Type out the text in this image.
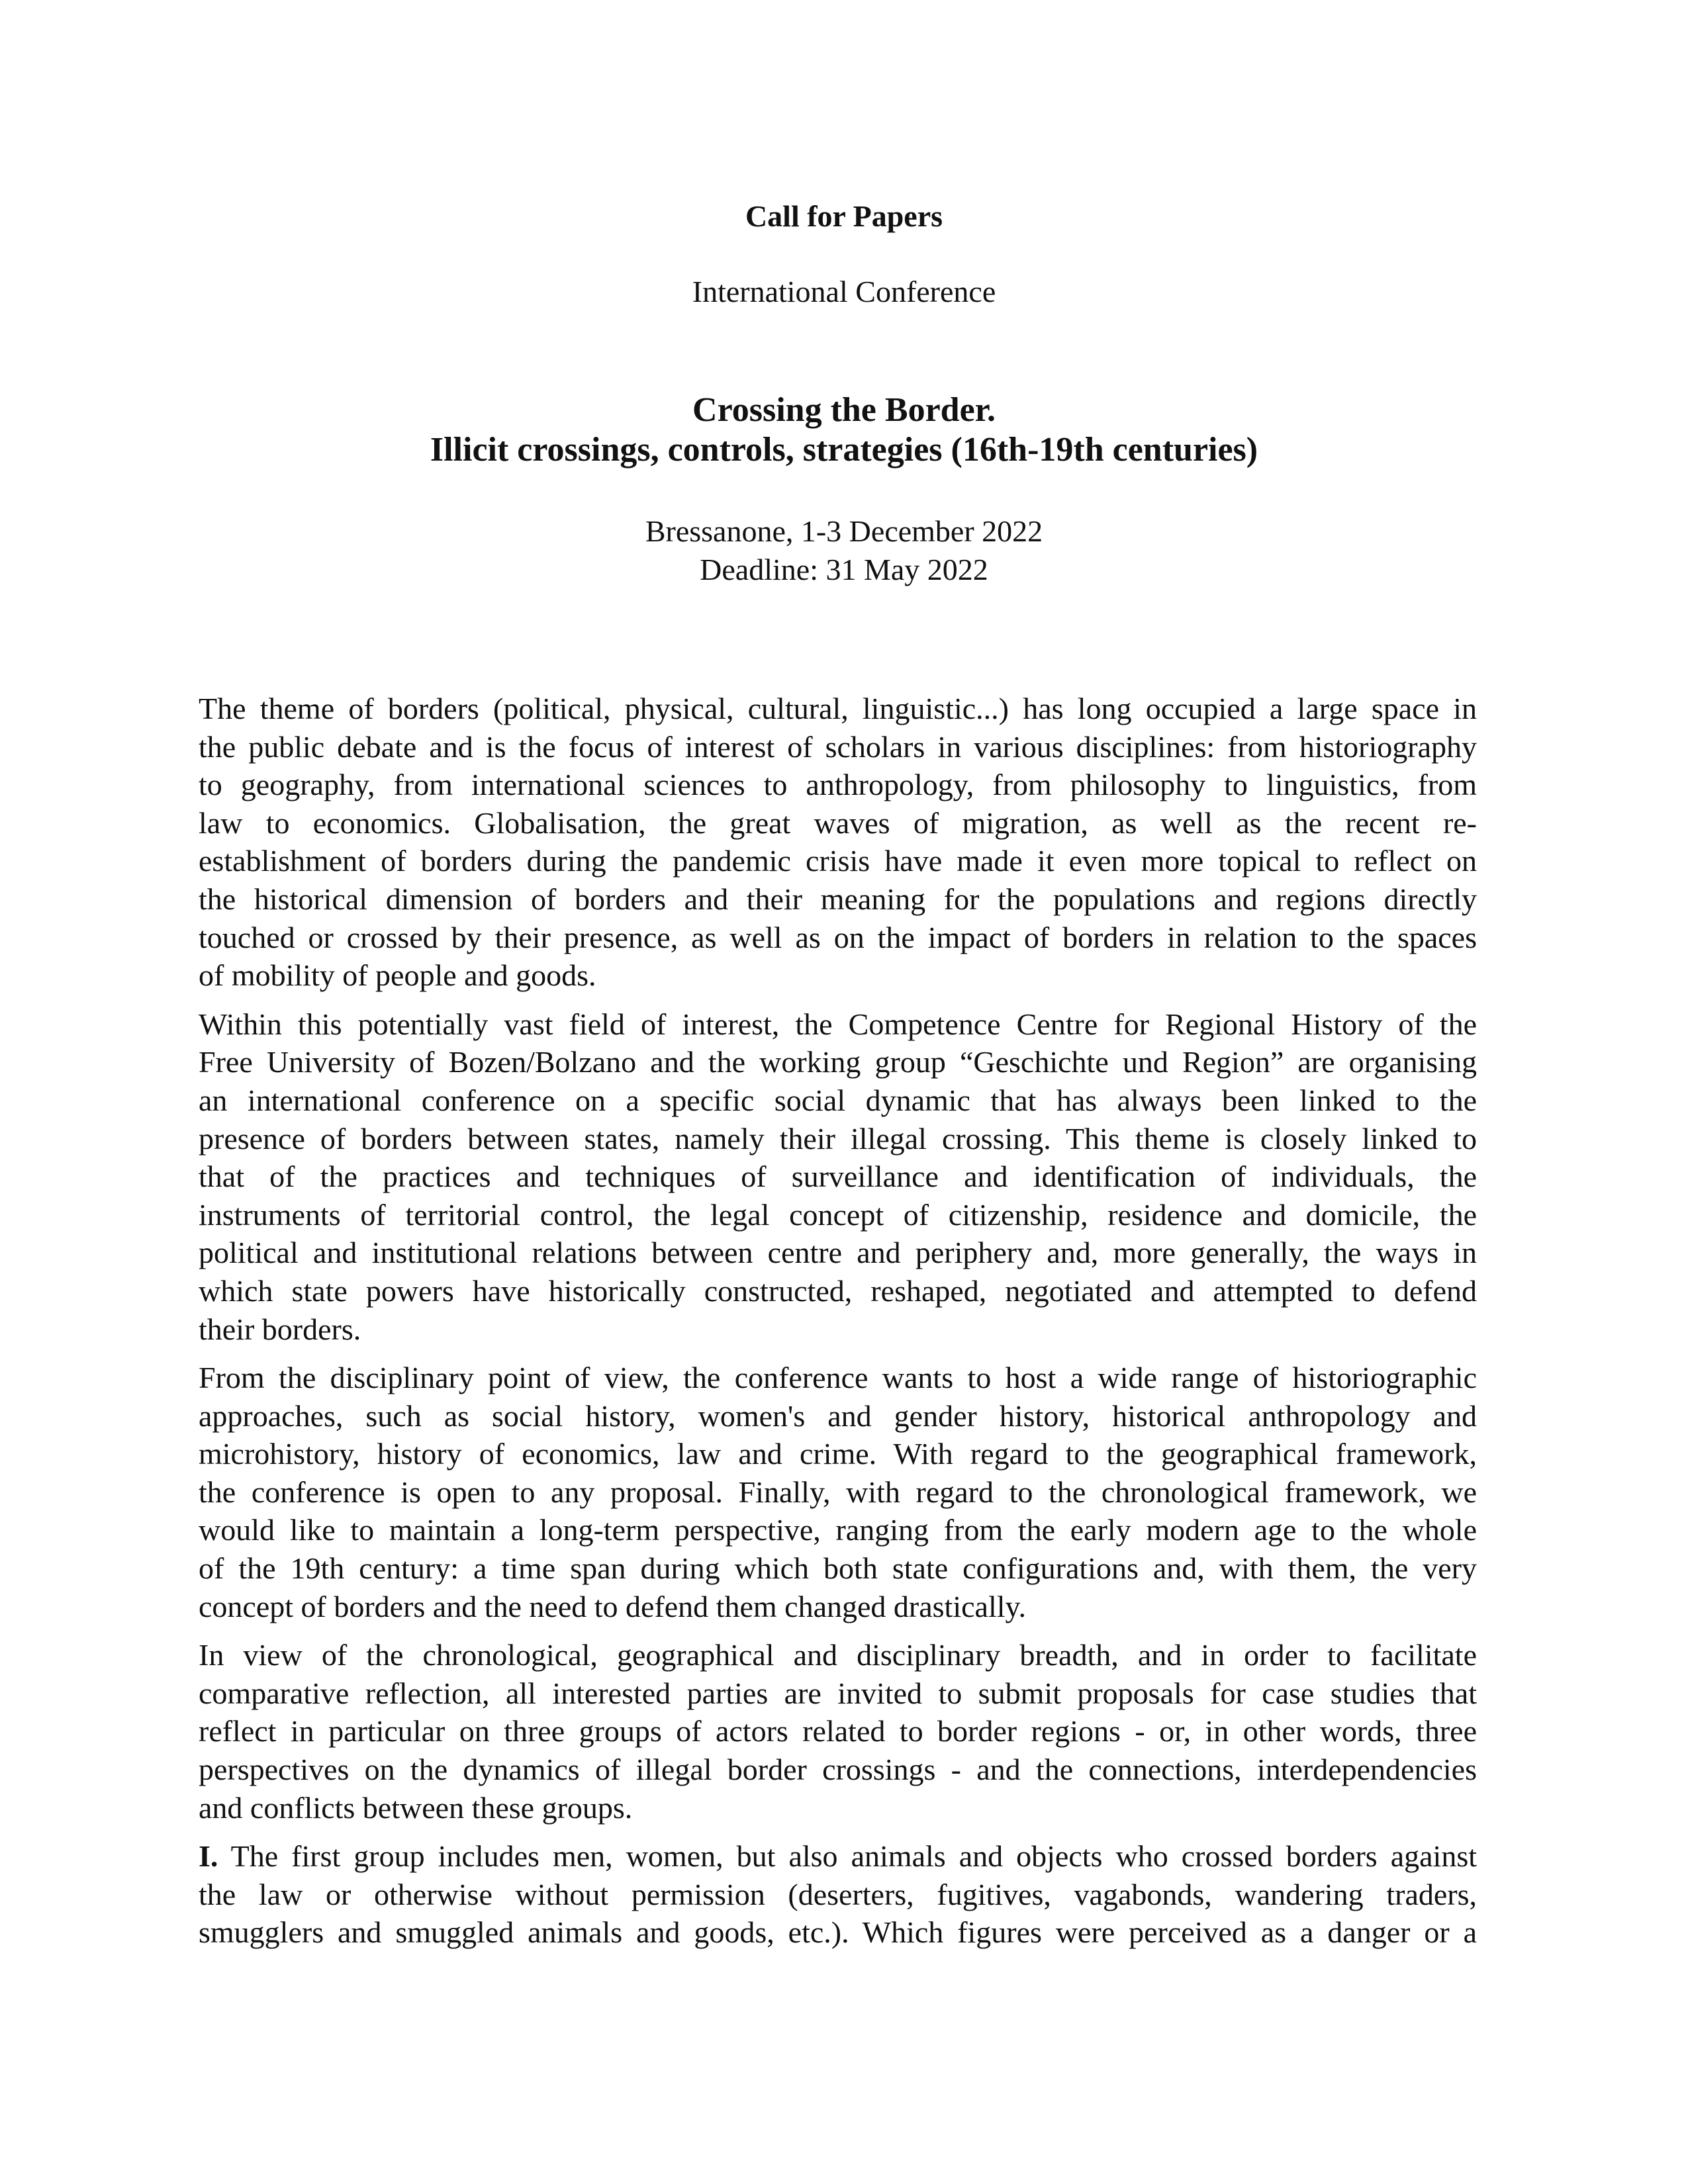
Call for Papers
International Conference
Crossing the Border.
Illicit crossings, controls, strategies (16th-19th centuries)
Bressanone, 1-3 December 2022
Deadline: 31 May 2022

The theme of borders (political, physical, cultural, linguistic...) has long occupied a large space in
the public debate and is the focus of interest of scholars in various disciplines: from historiography
to geography, from international sciences to anthropology, from philosophy to linguistics, from
law to economics. Globalisation, the great waves of migration, as well as the recent re-
establishment of borders during the pandemic crisis have made it even more topical to reflect on
the historical dimension of borders and their meaning for the populations and regions directly
touched or crossed by their presence, as well as on the impact of borders in relation to the spaces
of mobility of people and goods.

Within this potentially vast field of interest, the Competence Centre for Regional History of the
Free University of Bozen/Bolzano and the working group “Geschichte und Region” are organising
an international conference on a specific social dynamic that has always been linked to the
presence of borders between states, namely their illegal crossing. This theme is closely linked to
that of the practices and techniques of surveillance and identification of individuals, the
instruments of territorial control, the legal concept of citizenship, residence and domicile, the
political and institutional relations between centre and periphery and, more generally, the ways in
which state powers have historically constructed, reshaped, negotiated and attempted to defend
their borders.

From the disciplinary point of view, the conference wants to host a wide range of historiographic
approaches, such as social history, women's and gender history, historical anthropology and
microhistory, history of economics, law and crime. With regard to the geographical framework,
the conference is open to any proposal. Finally, with regard to the chronological framework, we
would like to maintain a long-term perspective, ranging from the early modern age to the whole
of the 19th century: a time span during which both state configurations and, with them, the very
concept of borders and the need to defend them changed drastically.

In view of the chronological, geographical and disciplinary breadth, and in order to facilitate
comparative reflection, all interested parties are invited to submit proposals for case studies that
reflect in particular on three groups of actors related to border regions - or, in other words, three
perspectives on the dynamics of illegal border crossings - and the connections, interdependencies
and conflicts between these groups.

I. The first group includes men, women, but also animals and objects who crossed borders against
the law or otherwise without permission (deserters, fugitives, vagabonds, wandering traders,
smugglers and smuggled animals and goods, etc.). Which figures were perceived as a danger or a
